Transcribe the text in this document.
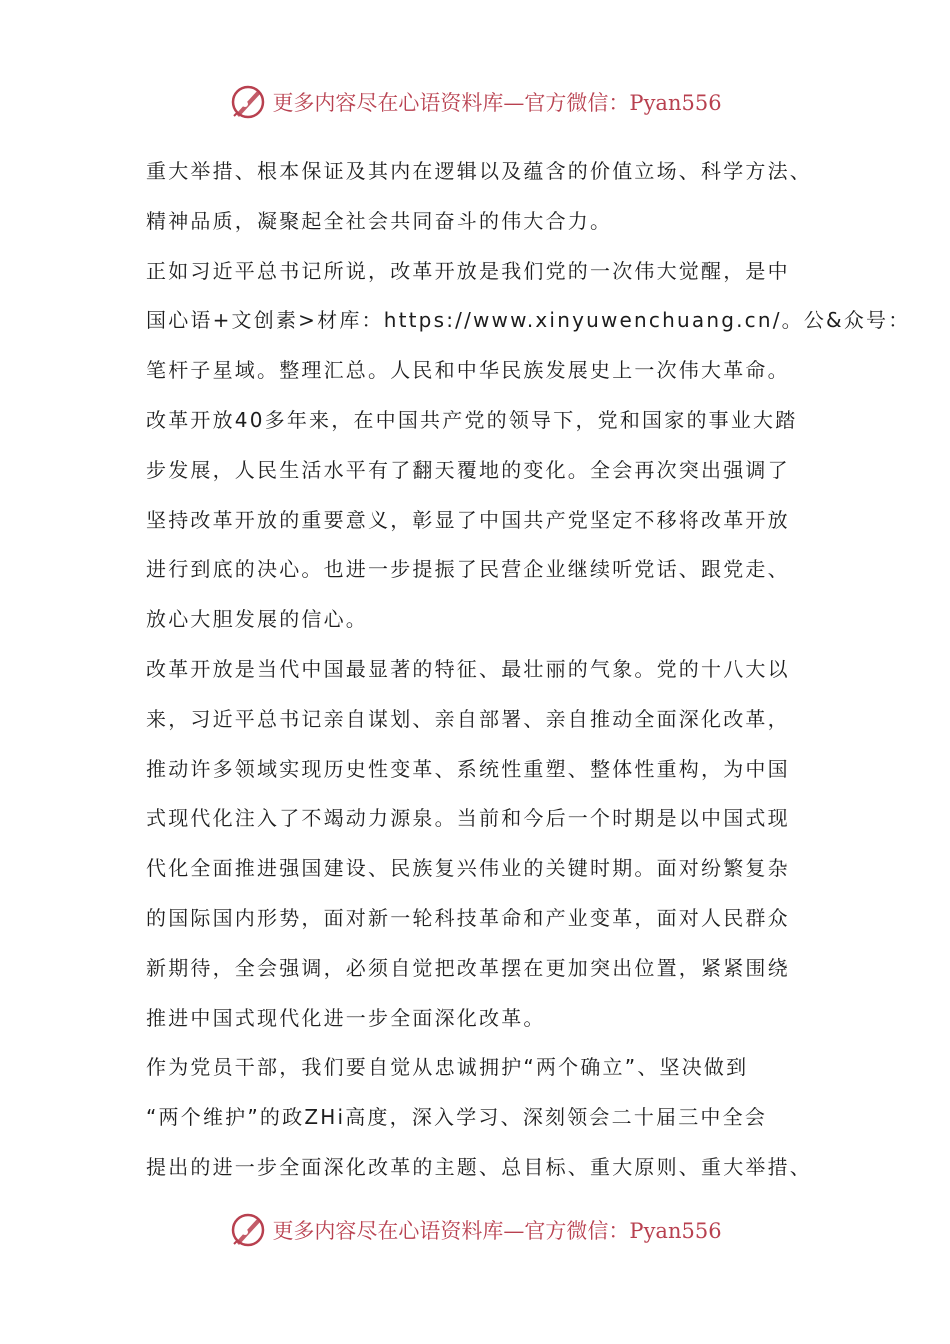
更多内容尽在心语资料库—官方微信：Pyan556
重大举措、根本保证及其内在逻辑以及蕴含的价值立场、科学方法、
精神品质，凝聚起全社会共同奋斗的伟大合力。
正如习近平总书记所说，改革开放是我们党的一次伟大觉醒，是中
国心语+文创素>材库：https://www.xinyuwenchuang.cn/。公&众号：
笔杆子星域。整理汇总。人民和中华民族发展史上一次伟大革命。
改革开放40多年来，在中国共产党的领导下，党和国家的事业大踏
步发展，人民生活水平有了翻天覆地的变化。全会再次突出强调了
坚持改革开放的重要意义，彰显了中国共产党坚定不移将改革开放
进行到底的决心。也进一步提振了民营企业继续听党话、跟党走、
放心大胆发展的信心。
改革开放是当代中国最显著的特征、最壮丽的气象。党的十八大以
来，习近平总书记亲自谋划、亲自部署、亲自推动全面深化改革，
推动许多领域实现历史性变革、系统性重塑、整体性重构，为中国
式现代化注入了不竭动力源泉。当前和今后一个时期是以中国式现
代化全面推进强国建设、民族复兴伟业的关键时期。面对纷繁复杂
的国际国内形势，面对新一轮科技革命和产业变革，面对人民群众
新期待，全会强调，必须自觉把改革摆在更加突出位置，紧紧围绕
推进中国式现代化进一步全面深化改革。
作为党员干部，我们要自觉从忠诚拥护“两个确立”、坚决做到
“两个维护”的政ZHi高度，深入学习、深刻领会二十届三中全会
提出的进一步全面深化改革的主题、总目标、重大原则、重大举措、
更多内容尽在心语资料库—官方微信：Pyan556
